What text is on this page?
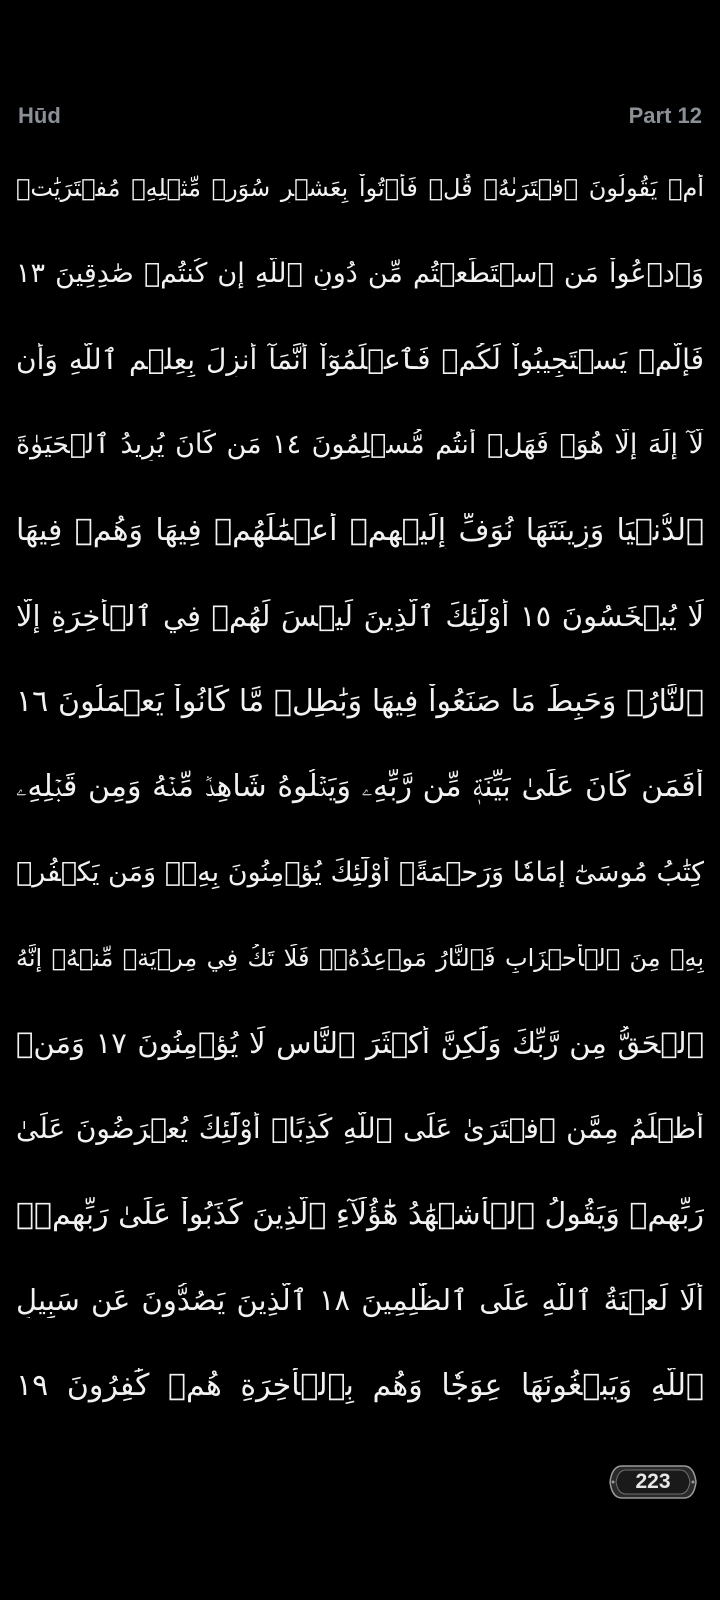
Hūd	Part 12
أَمۡ يَقُولُونَ ٱفۡتَرَىٰهُۖ قُلۡ فَأۡتُواْ بِعَشۡرِ سُوَرٖ مِّثۡلِهِۦ مُفۡتَرَيَٰتٖ
وَٱدۡعُواْ مَنِ ٱسۡتَطَعۡتُم مِّن دُونِ ٱللَّهِ إِن كُنتُمۡ صَٰدِقِينَ ١٣
فَإِلَّمۡ يَسۡتَجِيبُواْ لَكُمۡ فَٱعۡلَمُوٓاْ أَنَّمَآ أُنزِلَ بِعِلۡمِ ٱللَّهِ وَأَن
لَّآ إِلَٰهَ إِلَّا هُوَۖ فَهَلۡ أَنتُم مُّسۡلِمُونَ ١٤ مَن كَانَ يُرِيدُ ٱلۡحَيَوٰةَ
ٱلدُّنۡيَا وَزِينَتَهَا نُوَفِّ إِلَيۡهِمۡ أَعۡمَٰلَهُمۡ فِيهَا وَهُمۡ فِيهَا
لَا يُبۡخَسُونَ ١٥ أُوْلَٰٓئِكَ ٱلَّذِينَ لَيۡسَ لَهُمۡ فِي ٱلۡأٓخِرَةِ إِلَّا
ٱلنَّارُۖ وَحَبِطَ مَا صَنَعُواْ فِيهَا وَبَٰطِلٞ مَّا كَانُواْ يَعۡمَلُونَ ١٦
أَفَمَن كَانَ عَلَىٰ بَيِّنَةٖ مِّن رَّبِّهِۦ وَيَتۡلُوهُ شَاهِدٞ مِّنۡهُ وَمِن قَبۡلِهِۦ
كِتَٰبُ مُوسَىٰٓ إِمَامٗا وَرَحۡمَةًۚ أُوْلَٰٓئِكَ يُؤۡمِنُونَ بِهِۦۚ وَمَن يَكۡفُرۡ
بِهِۦ مِنَ ٱلۡأَحۡزَابِ فَٱلنَّارُ مَوۡعِدُهُۥۚ فَلَا تَكُ فِي مِرۡيَةٖ مِّنۡهُۚ إِنَّهُ
ٱلۡحَقُّ مِن رَّبِّكَ وَلَٰكِنَّ أَكۡثَرَ ٱلنَّاسِ لَا يُؤۡمِنُونَ ١٧ وَمَنۡ
أَظۡلَمُ مِمَّنِ ٱفۡتَرَىٰ عَلَى ٱللَّهِ كَذِبًاۚ أُوْلَٰٓئِكَ يُعۡرَضُونَ عَلَىٰ
رَبِّهِمۡ وَيَقُولُ ٱلۡأَشۡهَٰدُ هَٰٓؤُلَآءِ ٱلَّذِينَ كَذَبُواْ عَلَىٰ رَبِّهِمۡۚ
أَلَا لَعۡنَةُ ٱللَّهِ عَلَى ٱلظَّٰلِمِينَ ١٨ ٱلَّذِينَ يَصُدُّونَ عَن سَبِيلِ
ٱللَّهِ وَيَبۡغُونَهَا عِوَجٗا وَهُم بِٱلۡأٓخِرَةِ هُمۡ كَٰفِرُونَ ١٩
223
